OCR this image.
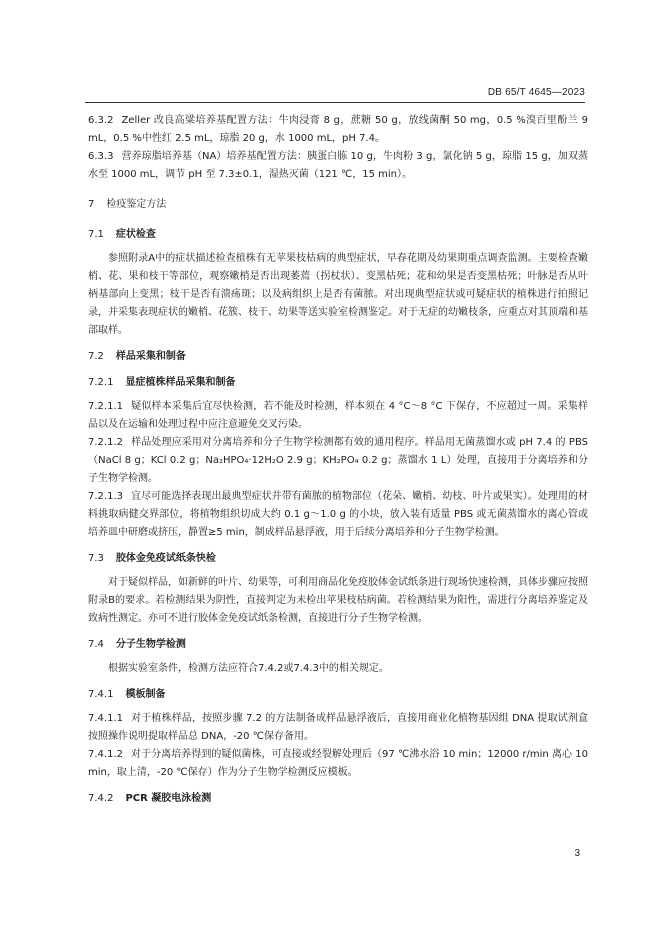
DB 65/T 4645—2023

6.3.2 Zeller 改良高粱培养基配置方法：牛肉浸膏 8 g，蔗糖 50 g，放线菌酮 50 mg，0.5 %溴百里酚兰 9 mL，0.5 %中性红 2.5 mL，琼脂 20 g，水 1000 mL，pH 7.4。

6.3.3 营养琼脂培养基（NA）培养基配置方法：胰蛋白胨 10 g，牛肉粉 3 g，氯化钠 5 g，琼脂 15 g，加双蒸水至 1000 mL，调节 pH 至 7.3±0.1，湿热灭菌（121 ℃，15 min）。

7 检疫鉴定方法

7.1 症状检查

参照附录A中的症状描述检查植株有无苹果枝枯病的典型症状，早春花期及幼果期重点调查监测。主要检查嫩梢、花、果和枝干等部位，观察嫩梢是否出现萎蔫（拐杖状）、变黑枯死；花和幼果是否变黑枯死；叶脉是否从叶柄基部向上变黑；枝干是否有溃疡斑；以及病组织上是否有菌脓。对出现典型症状或可疑症状的植株进行拍照记录，并采集表现症状的嫩梢、花簇、枝干、幼果等送实验室检测鉴定。对于无症的幼嫩枝条，应重点对其顶端和基部取样。

7.2 样品采集和制备

7.2.1 显症植株样品采集和制备

7.2.1.1 疑似样本采集后宜尽快检测，若不能及时检测，样本须在 4 °C～8 °C 下保存，不应超过一周。采集样品以及在运输和处理过程中应注意避免交叉污染。

7.2.1.2 样品处理应采用对分离培养和分子生物学检测都有效的通用程序。样品用无菌蒸馏水或 pH 7.4 的 PBS（NaCl 8 g；KCl 0.2 g；Na₂HPO₄·12H₂O 2.9 g；KH₂PO₄ 0.2 g；蒸馏水 1 L）处理，直接用于分离培养和分子生物学检测。

7.2.1.3 宜尽可能选择表现出最典型症状并带有菌脓的植物部位（花朵、嫩梢、幼枝、叶片或果实）。处理用的材料挑取病健交界部位，将植物组织切成大约 0.1 g～1.0 g 的小块，放入装有适量 PBS 或无菌蒸馏水的离心管或培养皿中研磨或挤压，静置≥5 min，制成样品悬浮液，用于后续分离培养和分子生物学检测。

7.3 胶体金免疫试纸条快检

对于疑似样品，如新鲜的叶片、幼果等，可利用商品化免疫胶体金试纸条进行现场快速检测，具体步骤应按照附录B的要求。若检测结果为阴性，直接判定为未检出苹果枝枯病菌。若检测结果为阳性，需进行分离培养鉴定及致病性测定。亦可不进行胶体金免疫试纸条检测，直接进行分子生物学检测。

7.4 分子生物学检测

根据实验室条件，检测方法应符合7.4.2或7.4.3中的相关规定。

7.4.1 模板制备

7.4.1.1 对于植株样品，按照步骤 7.2 的方法制备成样品悬浮液后，直接用商业化植物基因组 DNA 提取试剂盒按照操作说明提取样品总 DNA，-20 ℃保存备用。

7.4.1.2 对于分离培养得到的疑似菌株，可直接或经裂解处理后（97 ℃沸水浴 10 min；12000 r/min 离心 10 min，取上清，-20 ℃保存）作为分子生物学检测反应模板。

7.4.2 PCR 凝胶电泳检测

3
